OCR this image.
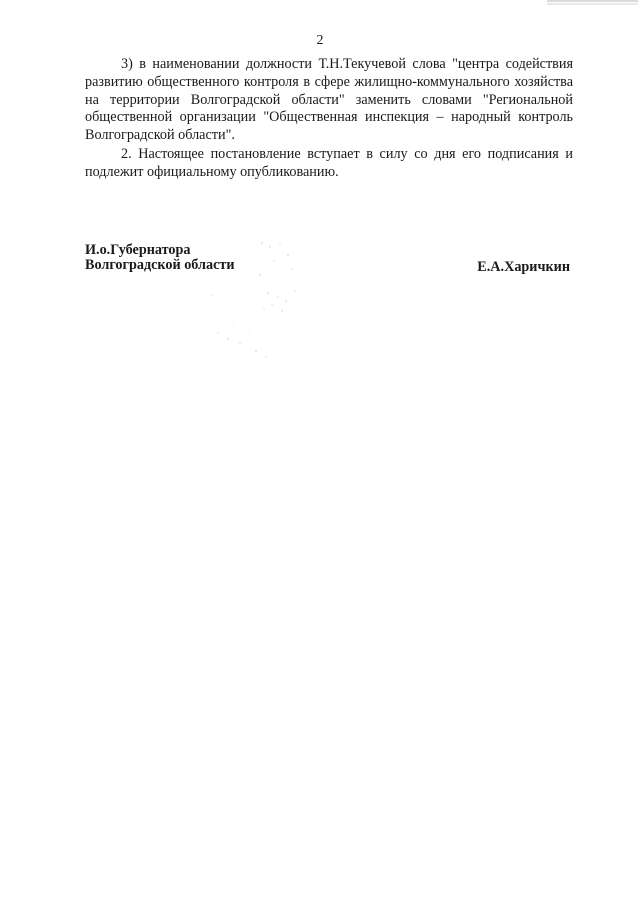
2

3) в наименовании должности Т.Н.Текучевой слова "центра содействия развитию общественного контроля в сфере жилищно-коммунального хозяйства на территории Волгоградской области" заменить словами "Региональной общественной организации "Общественная инспекция – народный контроль Волгоградской области".

2. Настоящее постановление вступает в силу со дня его подписания и подлежит официальному опубликованию.

И.о.Губернатора
Волгоградской области	Е.А.Харичкин
